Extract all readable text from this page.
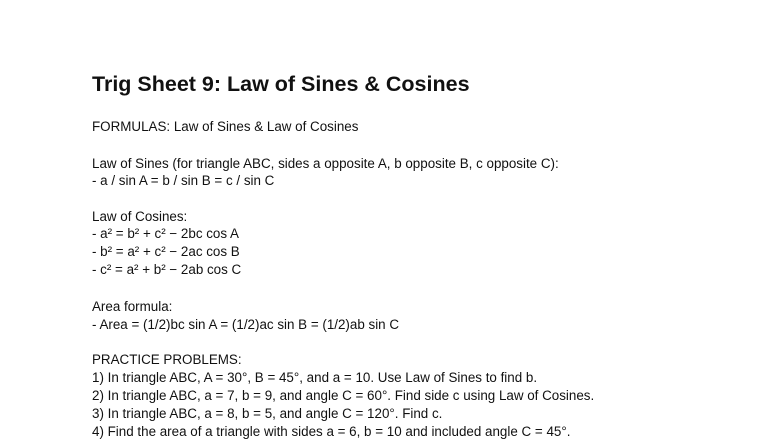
Trig Sheet 9: Law of Sines & Cosines

FORMULAS: Law of Sines & Law of Cosines

Law of Sines (for triangle ABC, sides a opposite A, b opposite B, c opposite C):

- a / sin A = b / sin B = c / sin C

Law of Cosines:

- a² = b² + c² − 2bc cos A

- b² = a² + c² − 2ac cos B

- c² = a² + b² − 2ab cos C

Area formula:

- Area = (1/2)bc sin A = (1/2)ac sin B = (1/2)ab sin C

PRACTICE PROBLEMS:

1) In triangle ABC, A = 30°, B = 45°, and a = 10. Use Law of Sines to find b.

2) In triangle ABC, a = 7, b = 9, and angle C = 60°. Find side c using Law of Cosines.

3) In triangle ABC, a = 8, b = 5, and angle C = 120°. Find c.

4) Find the area of a triangle with sides a = 6, b = 10 and included angle C = 45°.
